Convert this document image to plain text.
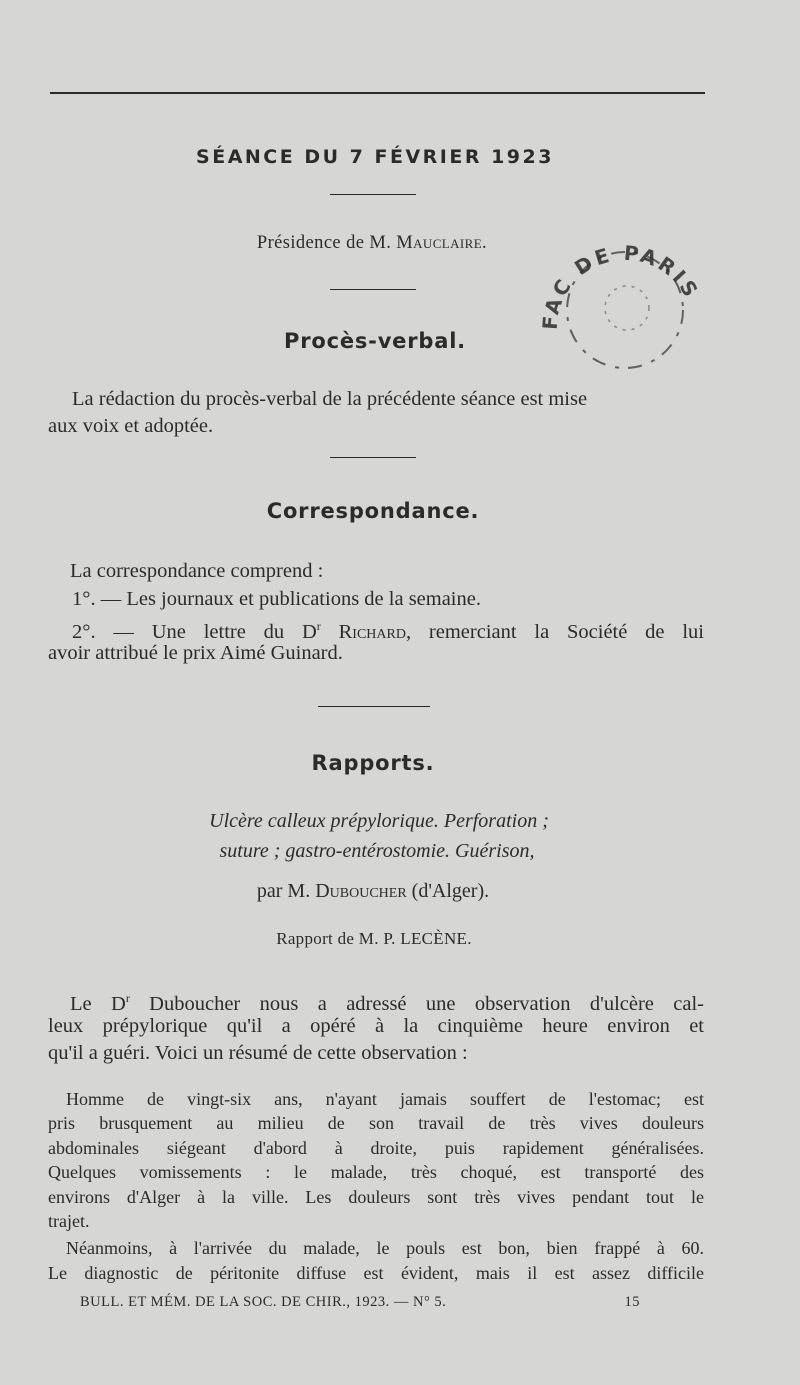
SÉANCE DU 7 FÉVRIER 1923
Présidence de M. Mauclaire.
Procès-verbal.
La rédaction du procès-verbal de la précédente séance est mise
aux voix et adoptée.
Correspondance.
La correspondance comprend :
1°. — Les journaux et publications de la semaine.
2°. — Une lettre du $D^r$ Richard, remerciant la Société de lui
avoir attribué le prix Aimé Guinard.
Rapports.
Ulcère calleux prépylorique. Perforation ;
suture ; gastro-entérostomie. Guérison,
par M. Duboucher (d'Alger).
Rapport de M. P. LECÈNE.
Le $D^r$ Duboucher nous a adressé une observation d'ulcère cal-
leux prépylorique qu'il a opéré à la cinquième heure environ et
qu'il a guéri. Voici un résumé de cette observation :
Homme de vingt-six ans, n'ayant jamais souffert de l'estomac; est
pris brusquement au milieu de son travail de très vives douleurs
abdominales siégeant d'abord à droite, puis rapidement généralisées.
Quelques vomissements : le malade, très choqué, est transporté des
environs d'Alger à la ville. Les douleurs sont très vives pendant tout le
trajet.
Néanmoins, à l'arrivée du malade, le pouls est bon, bien frappé à 60.
Le diagnostic de péritonite diffuse est évident, mais il est assez difficile
BULL. ET MÉM. DE LA SOC. DE CHIR., 1923. — N° 5.	15
FAC DE PARIS
